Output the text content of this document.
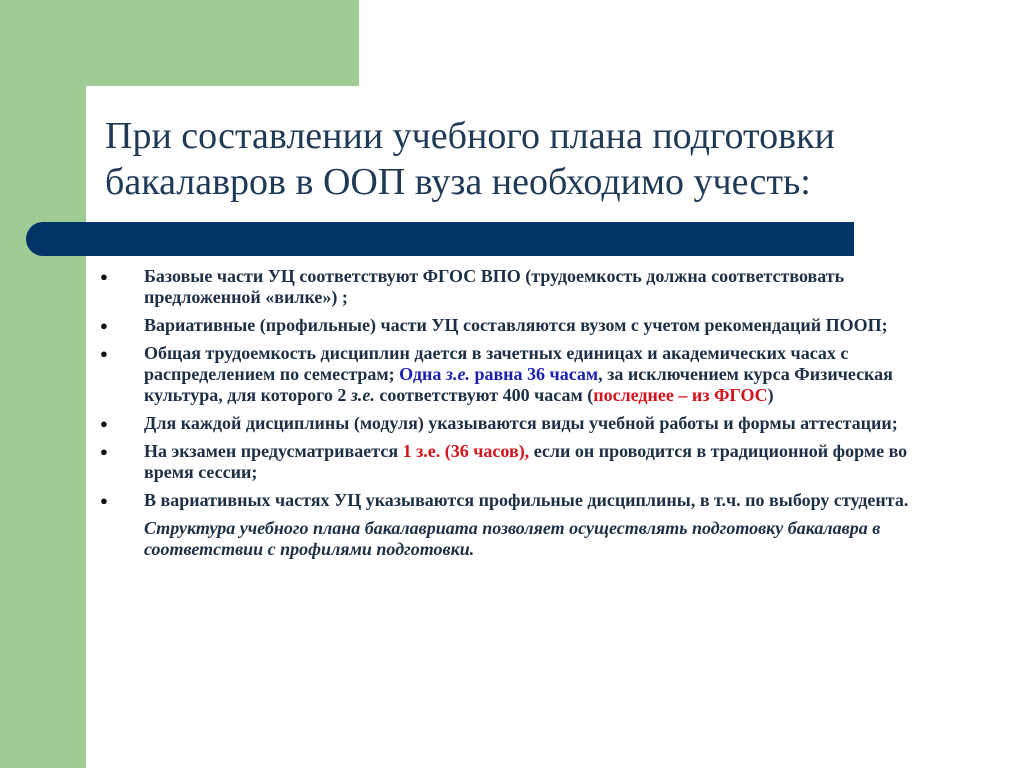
При составлении учебного плана подготовки
бакалавров в ООП вуза необходимо учесть:
● Базовые части УЦ соответствуют ФГОС ВПО (трудоемкость должна соответствовать предложенной «вилке») ;
● Вариативные (профильные) части УЦ составляются вузом с учетом рекомендаций ПООП;
● Общая трудоемкость дисциплин дается в зачетных единицах и академических часах с распределением по семестрам; Одна з.е. равна 36 часам, за исключением курса Физическая культура, для которого 2 з.е. соответствуют 400 часам (последнее – из ФГОС)
● Для каждой дисциплины (модуля) указываются виды учебной работы и формы аттестации;
● На экзамен предусматривается 1 з.е. (36 часов), если он проводится в традиционной форме во время сессии;
● В вариативных частях УЦ указываются профильные дисциплины, в т.ч. по выбору студента.
Структура учебного плана бакалавриата позволяет осуществлять подготовку бакалавра в соответствии с профилями подготовки.
